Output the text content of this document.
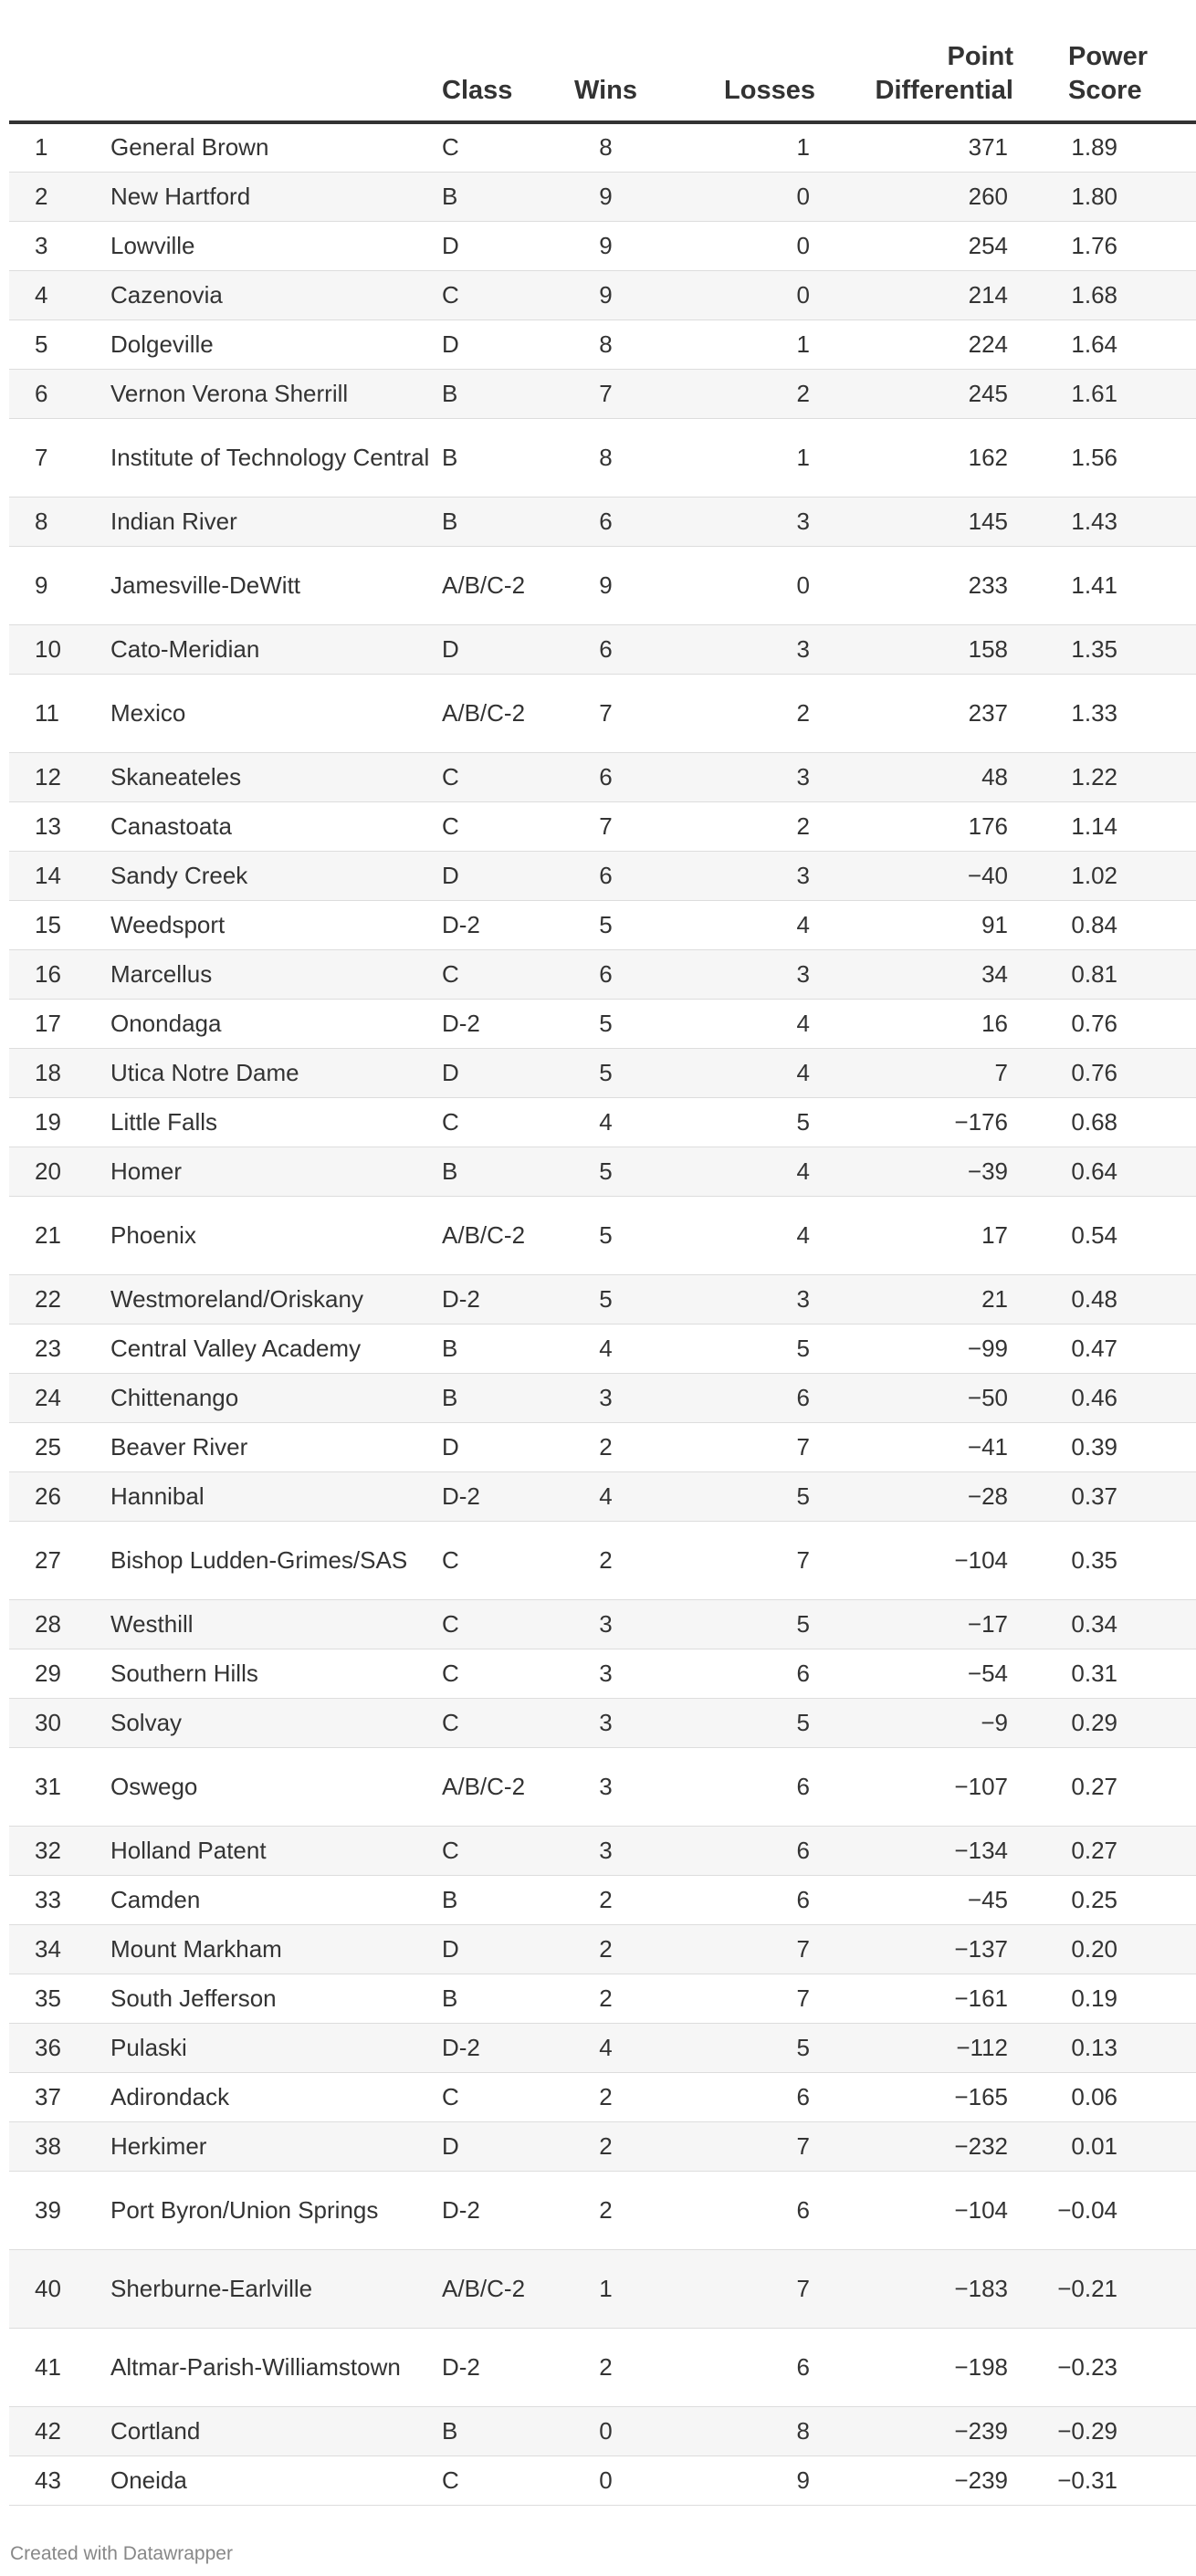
		Class	Wins	Losses	Point Differential	Power Score
1	General Brown	C	8	1	371	1.89
2	New Hartford	B	9	0	260	1.80
3	Lowville	D	9	0	254	1.76
4	Cazenovia	C	9	0	214	1.68
5	Dolgeville	D	8	1	224	1.64
6	Vernon Verona Sherrill	B	7	2	245	1.61
7	Institute of Technology Central	B	8	1	162	1.56
8	Indian River	B	6	3	145	1.43
9	Jamesville-DeWitt	A/B/C-2	9	0	233	1.41
10	Cato-Meridian	D	6	3	158	1.35
11	Mexico	A/B/C-2	7	2	237	1.33
12	Skaneateles	C	6	3	48	1.22
13	Canastoata	C	7	2	176	1.14
14	Sandy Creek	D	6	3	−40	1.02
15	Weedsport	D-2	5	4	91	0.84
16	Marcellus	C	6	3	34	0.81
17	Onondaga	D-2	5	4	16	0.76
18	Utica Notre Dame	D	5	4	7	0.76
19	Little Falls	C	4	5	−176	0.68
20	Homer	B	5	4	−39	0.64
21	Phoenix	A/B/C-2	5	4	17	0.54
22	Westmoreland/Oriskany	D-2	5	3	21	0.48
23	Central Valley Academy	B	4	5	−99	0.47
24	Chittenango	B	3	6	−50	0.46
25	Beaver River	D	2	7	−41	0.39
26	Hannibal	D-2	4	5	−28	0.37
27	Bishop Ludden-Grimes/SAS	C	2	7	−104	0.35
28	Westhill	C	3	5	−17	0.34
29	Southern Hills	C	3	6	−54	0.31
30	Solvay	C	3	5	−9	0.29
31	Oswego	A/B/C-2	3	6	−107	0.27
32	Holland Patent	C	3	6	−134	0.27
33	Camden	B	2	6	−45	0.25
34	Mount Markham	D	2	7	−137	0.20
35	South Jefferson	B	2	7	−161	0.19
36	Pulaski	D-2	4	5	−112	0.13
37	Adirondack	C	2	6	−165	0.06
38	Herkimer	D	2	7	−232	0.01
39	Port Byron/Union Springs	D-2	2	6	−104	−0.04
40	Sherburne-Earlville	A/B/C-2	1	7	−183	−0.21
41	Altmar-Parish-Williamstown	D-2	2	6	−198	−0.23
42	Cortland	B	0	8	−239	−0.29
43	Oneida	C	0	9	−239	−0.31
Created with Datawrapper
